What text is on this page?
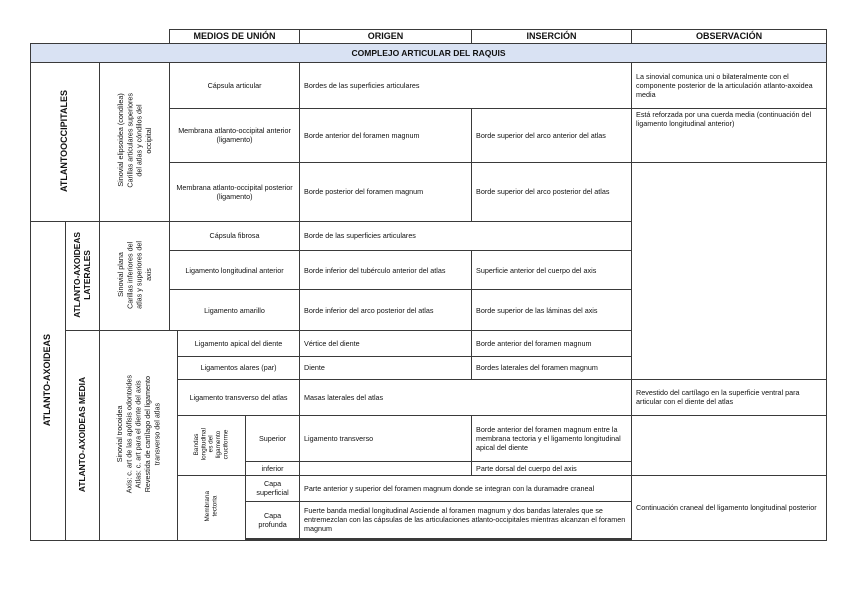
			MEDIOS DE UNIÓN			ORIGEN	INSERCIÓN	OBSERVACIÓN
COMPLEJO ARTICULAR DEL RAQUIS								
ATLANTOOCCIPITALES		Sinovial elipsoidea (condílea) Carillas articulares superiores del atlas y cóndilos del occipital	Cápsula articular			Bordes de las superficies articulares		La sinovial comunica uni o bilateralmente con el componente posterior de la articulación atlanto-axoidea media
			Membrana atlanto-occipital anterior (ligamento)			Borde anterior del foramen magnum	Borde superior del arco anterior del atlas	Está reforzada por una cuerda media (continuación del ligamento longitudinal anterior)
			Membrana atlanto-occipital posterior (ligamento)			Borde posterior del foramen magnum	Borde superior del arco posterior del atlas	
ATLANTO-AXOIDEAS	ATLANTO-AXOIDEAS LATERALES	Sinovial plana Carillas inferiores del atlas y superiores del axis	Cápsula fibrosa			Borde de las superficies articulares		
			Ligamento longitudinal anterior			Borde inferior del tubérculo anterior del atlas	Superficie anterior del cuerpo del axis	
			Ligamento amarillo			Borde inferior del arco posterior del atlas	Borde superior de las láminas del axis	
	ATLANTO-AXOIDEAS MEDIA	Sinovial trocoidea Axis: c. art de las apófisis odontoides Atlas: c. art para el diente del axis Revestida de cartílago del ligamento transverso del atlas		Ligamento apical del diente		Vértice del diente	Borde anterior del foramen magnum	
				Ligamentos alares (par)		Diente	Bordes laterales del foramen magnum	
				Ligamento transverso del atlas		Masas laterales del atlas		Revestido del cartílago en la superficie ventral para articular con el diente del atlas

				Bandas longitudinal es del ligamento cruciforme	Superior	Ligamento transverso	Borde anterior del foramen magnum entre la membrana tectoria y el ligamento longitudinal apical del diente	
					inferior		Parte dorsal del cuerpo del axis	

				Membrana tectoria	Capa superficial	Parte anterior y superior del foramen magnum donde se integran con la duramadre craneal		Continuación craneal del ligamento longitudinal posterior
					Capa profunda	Fuerte banda medial longitudinal Asciende al foramen magnum y dos bandas laterales que se entremezclan con las cápsulas de las articulaciones atlanto-occipitales mientras alcanzan el foramen magnum		
